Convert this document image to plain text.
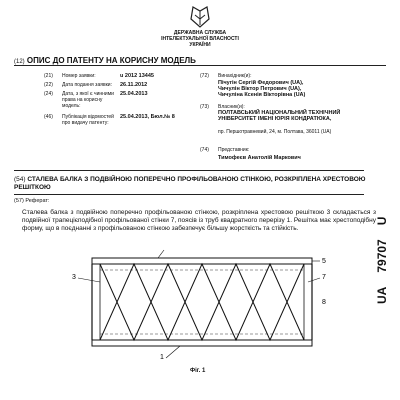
ДЕРЖАВНА СЛУЖБА ІНТЕЛЕКТУАЛЬНОЇ ВЛАСНОСТІ УКРАЇНИ
(12) ОПИС ДО ПАТЕНТУ НА КОРИСНУ МОДЕЛЬ
(21) Номер заявки:	u 2012 13445
(22) Дата подання заявки: 26.11.2012
(24) Дата, з якої є чинними права на корисну модель:
25.04.2013
(46) Публікація відомостей про видачу патенту:
25.04.2013, Бюл.№ 8
(72) Винахідник(и):
Пічугін Сергій Федорович (UA),
Чичулін Віктор Петрович (UA),
Чичуліна Ксенія Вікторівна (UA)
(73) Власник(и):
ПОЛТАВСЬКИЙ НАЦІОНАЛЬНИЙ ТЕХНІЧНИЙ УНІВЕРСИТЕТ ІМЕНІ ЮРІЯ КОНДРАТЮКА,
пр. Першотравневий, 24, м. Полтава, 36011 (UA)
(74) Представник:
Тимофеєв Анатолій Маркович
(54) СТАЛЕВА БАЛКА З ПОДВІЙНОЮ ПОПЕРЕЧНО ПРОФІЛЬОВАНОЮ СТІНКОЮ, РОЗКРІПЛЕНА ХРЕСТОВОЮ РЕШІТКОЮ
(57) Реферат:
Сталева балка з подвійною поперечно профільованою стінкою, розкріплена хрестовою решіткою 3 складається з подвійної трапецієподібної профільованої стінки 7, поясів із труб квадратного перерізу 1. Решітка має хрестоподібну форму, що в поєднанні з профільованою стінкою забезпечує більшу жорсткість та стійкість.
UA79707U
5
3	7
8
1
Фіг. 1
